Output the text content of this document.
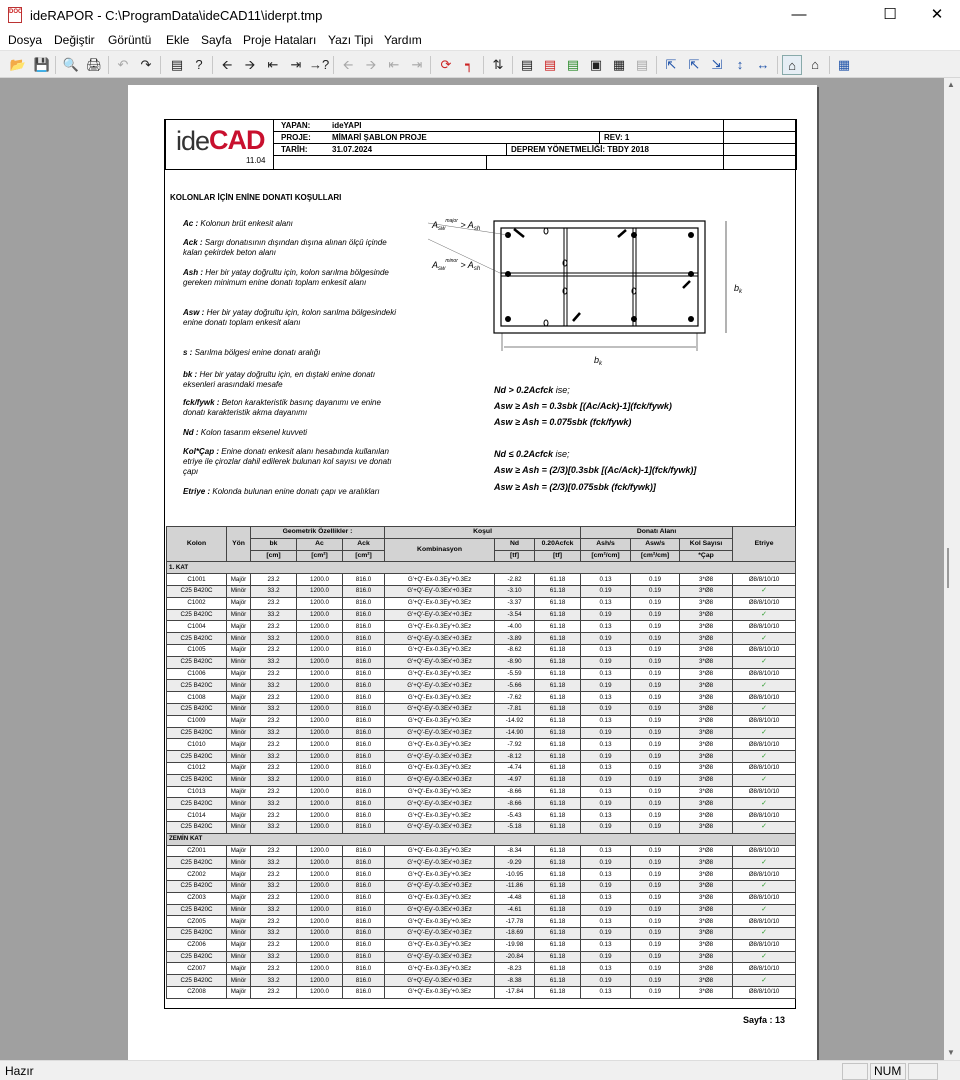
DOC ideRAPOR - C:\ProgramData\ideCAD11\iderpt.tmp	—	☐	✕
Dosya Değiştir Görüntü Ekle Sayfa Proje Hataları Yazı Tipi Yardım
📂 💾 🔍 🖨	↶ ↷	▤ ?	🡨 🡪 ⇤ ⇥ →?	🡨 🡪 ⇤ ⇥	⟳	┑	⇅	▤ ▤ ▤ ▣ ▦ ▤	⇱ ⇱ ⇲	↕	↔	⌂	⌂	▦
ide CAD
11.04
YAPAN:	ideYAPI
PROJE:	MİMARİ ŞABLON PROJE	REV: 1
TARİH:	31.07.2024	DEPREM YÖNETMELİĞİ: TBDY 2018
KOLONLAR İÇİN ENİNE DONATI KOŞULLARI
Ac : Kolonun brüt enkesit alanı
Ack : Sargı donatısının dışından dışına alınan ölçü içinde kalan çekirdek beton alanı
Ash : Her bir yatay doğrultu için, kolon sarılma bölgesinde gereken minimum enine donatı toplam enkesit alanı
Asw : Her bir yatay doğrultu için, kolon sarılma bölgesindeki enine donatı toplam enkesit alanı
s : Sarılma bölgesi enine donatı aralığı
bk : Her bir yatay doğrultu için, en dıştaki enine donatı eksenleri arasındaki mesafe
fck/fywk : Beton karakteristik basınç dayanımı ve enine donatı karakteristik akma dayanımı
Nd : Kolon tasarım eksenel kuvveti
Kol*Çap : Enine donatı enkesit alanı hesabında kullanılan etriye ile çirozlar dahil edilerek bulunan kol sayısı ve donatı çapı
Etriye : Kolonda bulunan enine donatı çapı ve aralıkları
$A_{sw}^{major} > A_{sh}$
$A_{sw}^{minor} > A_{sh}$
$b_k$
$b_k$
Nd > 0.2Acfck ise;
Asw ≥ Ash = 0.3sbk [(Ac/Ack)-1](fck/fywk)
Asw ≥ Ash = 0.075sbk (fck/fywk)
Nd ≤ 0.2Acfck ise;
Asw ≥ Ash = (2/3)[0.3sbk [(Ac/Ack)-1](fck/fywk)]
Asw ≥ Ash = (2/3)[0.075sbk (fck/fywk)]
Kolon	Yön	Geometrik Özellikler :			Koşul			Donatı Alanı			Etriye
		bk	Ac	Ack	Kombinasyon	Nd	0.20Acfck	Ash/s	Asw/s	Kol Sayısı	
		[cm]	[cm²]	[cm²]		[tf]	[tf]	[cm²/cm]	[cm²/cm]	*Çap	
1. KAT											
C1001	Majör	23.2	1200.0	816.0	G'+Q'-Ex-0.3Ey'+0.3Ez	-2.82	61.18	0.13	0.19	3*Ø8	Ø8/8/10/10
C25 B420C	Minör	33.2	1200.0	816.0	G'+Q'-Ey'-0.3Ex'+0.3Ez	-3.10	61.18	0.19	0.19	3*Ø8	✓
C1002	Majör	23.2	1200.0	816.0	G'+Q'-Ex-0.3Ey'+0.3Ez	-3.37	61.18	0.13	0.19	3*Ø8	Ø8/8/10/10
C25 B420C	Minör	33.2	1200.0	816.0	G'+Q'-Ey'-0.3Ex'+0.3Ez	-3.54	61.18	0.19	0.19	3*Ø8	✓
C1004	Majör	23.2	1200.0	816.0	G'+Q'-Ex-0.3Ey'+0.3Ez	-4.00	61.18	0.13	0.19	3*Ø8	Ø8/8/10/10
C25 B420C	Minör	33.2	1200.0	816.0	G'+Q'-Ey'-0.3Ex'+0.3Ez	-3.89	61.18	0.19	0.19	3*Ø8	✓
C1005	Majör	23.2	1200.0	816.0	G'+Q'-Ex-0.3Ey'+0.3Ez	-8.62	61.18	0.13	0.19	3*Ø8	Ø8/8/10/10
C25 B420C	Minör	33.2	1200.0	816.0	G'+Q'-Ey'-0.3Ex'+0.3Ez	-8.90	61.18	0.19	0.19	3*Ø8	✓
C1006	Majör	23.2	1200.0	816.0	G'+Q'-Ex-0.3Ey'+0.3Ez	-5.59	61.18	0.13	0.19	3*Ø8	Ø8/8/10/10
C25 B420C	Minör	33.2	1200.0	816.0	G'+Q'-Ey'-0.3Ex'+0.3Ez	-5.66	61.18	0.19	0.19	3*Ø8	✓
C1008	Majör	23.2	1200.0	816.0	G'+Q'-Ex-0.3Ey'+0.3Ez	-7.62	61.18	0.13	0.19	3*Ø8	Ø8/8/10/10
C25 B420C	Minör	33.2	1200.0	816.0	G'+Q'-Ey'-0.3Ex'+0.3Ez	-7.81	61.18	0.19	0.19	3*Ø8	✓
C1009	Majör	23.2	1200.0	816.0	G'+Q'-Ex-0.3Ey'+0.3Ez	-14.92	61.18	0.13	0.19	3*Ø8	Ø8/8/10/10
C25 B420C	Minör	33.2	1200.0	816.0	G'+Q'-Ey'-0.3Ex'+0.3Ez	-14.90	61.18	0.19	0.19	3*Ø8	✓
C1010	Majör	23.2	1200.0	816.0	G'+Q'-Ex-0.3Ey'+0.3Ez	-7.92	61.18	0.13	0.19	3*Ø8	Ø8/8/10/10
C25 B420C	Minör	33.2	1200.0	816.0	G'+Q'-Ey'-0.3Ex'+0.3Ez	-8.12	61.18	0.19	0.19	3*Ø8	✓
C1012	Majör	23.2	1200.0	816.0	G'+Q'-Ex-0.3Ey'+0.3Ez	-4.74	61.18	0.13	0.19	3*Ø8	Ø8/8/10/10
C25 B420C	Minör	33.2	1200.0	816.0	G'+Q'-Ey'-0.3Ex'+0.3Ez	-4.97	61.18	0.19	0.19	3*Ø8	✓
C1013	Majör	23.2	1200.0	816.0	G'+Q'-Ex-0.3Ey'+0.3Ez	-8.66	61.18	0.13	0.19	3*Ø8	Ø8/8/10/10
C25 B420C	Minör	33.2	1200.0	816.0	G'+Q'-Ey'-0.3Ex'+0.3Ez	-8.66	61.18	0.19	0.19	3*Ø8	✓
C1014	Majör	23.2	1200.0	816.0	G'+Q'-Ex-0.3Ey'+0.3Ez	-5.43	61.18	0.13	0.19	3*Ø8	Ø8/8/10/10
C25 B420C	Minör	33.2	1200.0	816.0	G'+Q'-Ey'-0.3Ex'+0.3Ez	-5.18	61.18	0.19	0.19	3*Ø8	✓
ZEMİN KAT											
CZ001	Majör	23.2	1200.0	816.0	G'+Q'-Ex-0.3Ey'+0.3Ez	-8.34	61.18	0.13	0.19	3*Ø8	Ø8/8/10/10
C25 B420C	Minör	33.2	1200.0	816.0	G'+Q'-Ey'-0.3Ex'+0.3Ez	-9.29	61.18	0.19	0.19	3*Ø8	✓
CZ002	Majör	23.2	1200.0	816.0	G'+Q'-Ex-0.3Ey'+0.3Ez	-10.95	61.18	0.13	0.19	3*Ø8	Ø8/8/10/10
C25 B420C	Minör	33.2	1200.0	816.0	G'+Q'-Ey'-0.3Ex'+0.3Ez	-11.86	61.18	0.19	0.19	3*Ø8	✓
CZ003	Majör	23.2	1200.0	816.0	G'+Q'-Ex-0.3Ey'+0.3Ez	-4.48	61.18	0.13	0.19	3*Ø8	Ø8/8/10/10
C25 B420C	Minör	33.2	1200.0	816.0	G'+Q'-Ey'-0.3Ex'+0.3Ez	-4.61	61.18	0.19	0.19	3*Ø8	✓
CZ005	Majör	23.2	1200.0	816.0	G'+Q'-Ex-0.3Ey'+0.3Ez	-17.78	61.18	0.13	0.19	3*Ø8	Ø8/8/10/10
C25 B420C	Minör	33.2	1200.0	816.0	G'+Q'-Ey'-0.3Ex'+0.3Ez	-18.69	61.18	0.19	0.19	3*Ø8	✓
CZ006	Majör	23.2	1200.0	816.0	G'+Q'-Ex-0.3Ey'+0.3Ez	-19.98	61.18	0.13	0.19	3*Ø8	Ø8/8/10/10
C25 B420C	Minör	33.2	1200.0	816.0	G'+Q'-Ey'-0.3Ex'+0.3Ez	-20.84	61.18	0.19	0.19	3*Ø8	✓
CZ007	Majör	23.2	1200.0	816.0	G'+Q'-Ex-0.3Ey'+0.3Ez	-8.23	61.18	0.13	0.19	3*Ø8	Ø8/8/10/10
C25 B420C	Minör	33.2	1200.0	816.0	G'+Q'-Ey'-0.3Ex'+0.3Ez	-8.38	61.18	0.19	0.19	3*Ø8	✓
CZ008	Majör	23.2	1200.0	816.0	G'+Q'-Ex-0.3Ey'+0.3Ez	-17.84	61.18	0.13	0.19	3*Ø8	Ø8/8/10/10
Sayfa : 13
▲
▼
Hazır	NUM
